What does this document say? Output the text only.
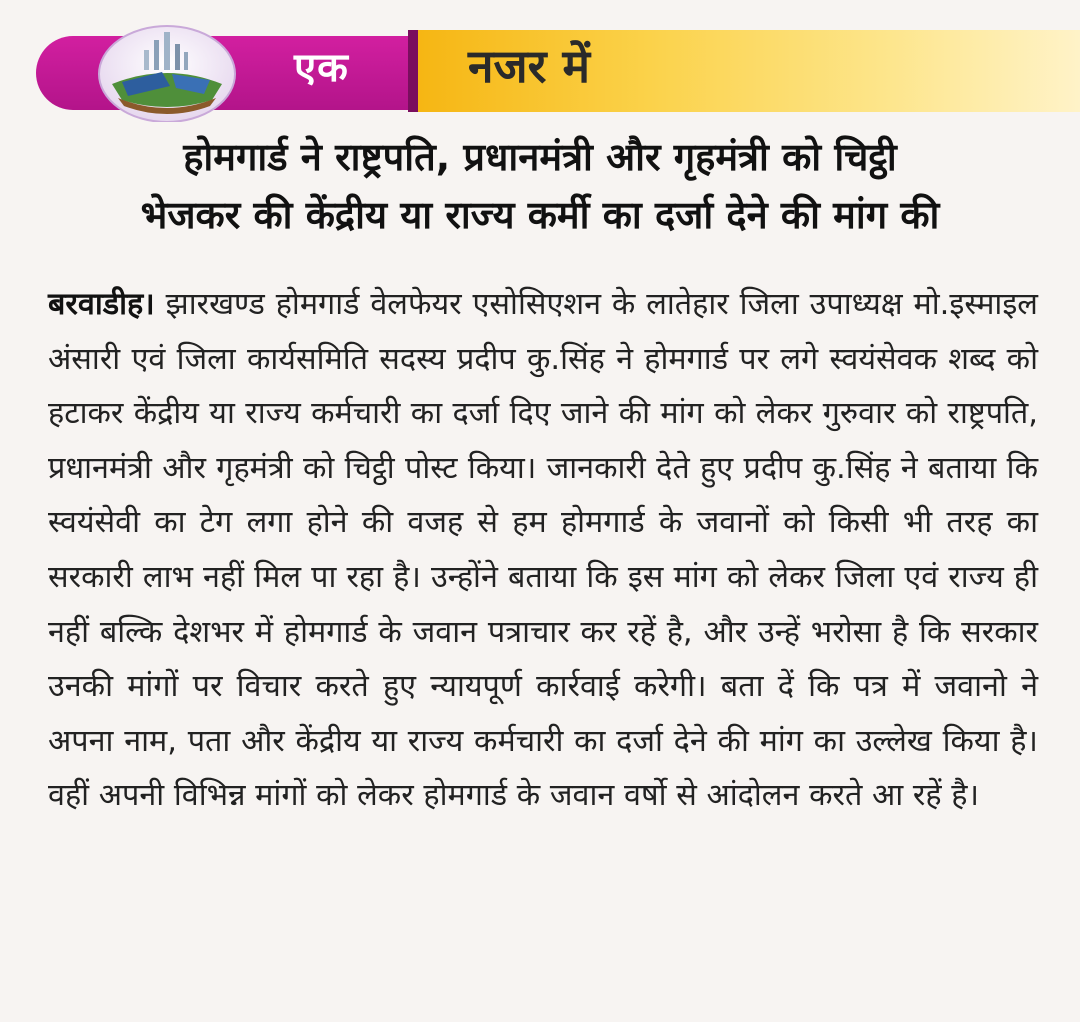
एक	नजर में
होमगार्ड ने राष्ट्रपति, प्रधानमंत्री और गृहमंत्री को चिट्ठी
भेजकर की केंद्रीय या राज्य कर्मी का दर्जा देने की मांग की

बरवाडीह। झारखण्ड होमगार्ड वेलफेयर एसोसिएशन के लातेहार जिला उपाध्यक्ष मो.इस्माइल अंसारी एवं जिला कार्यसमिति सदस्य प्रदीप कु.सिंह ने होमगार्ड पर लगे स्वयंसेवक शब्द को हटाकर केंद्रीय या राज्य कर्मचारी का दर्जा दिए जाने की मांग को लेकर गुरुवार को राष्ट्रपति, प्रधानमंत्री और गृहमंत्री को चिट्ठी पोस्ट किया। जानकारी देते हुए प्रदीप कु.सिंह ने बताया कि स्वयंसेवी का टेग लगा होने की वजह से हम होमगार्ड के जवानों को किसी भी तरह का सरकारी लाभ नहीं मिल पा रहा है। उन्होंने बताया कि इस मांग को लेकर जिला एवं राज्य ही नहीं बल्कि देशभर में होमगार्ड के जवान पत्राचार कर रहें है, और उन्हें भरोसा है कि सरकार उनकी मांगों पर विचार करते हुए न्यायपूर्ण कार्रवाई करेगी। बता दें कि पत्र में जवानो ने अपना नाम, पता और केंद्रीय या राज्य कर्मचारी का दर्जा देने की मांग का उल्लेख किया है। वहीं अपनी विभिन्न मांगों को लेकर होमगार्ड के जवान वर्षो से आंदोलन करते आ रहें है।
